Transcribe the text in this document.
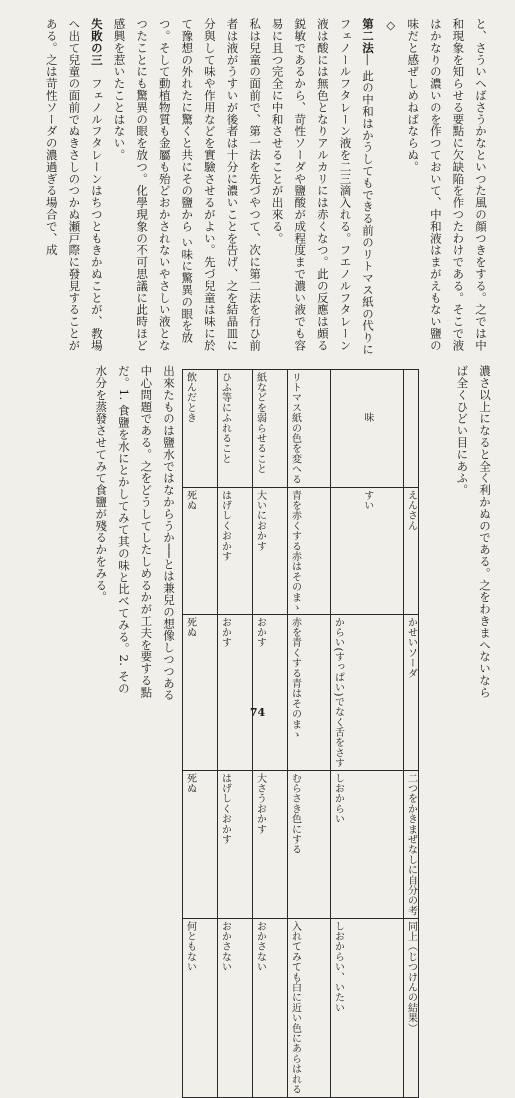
と、さういへばさうかなといつた風の顔つきをする。之では中和現象を知らせる要點に欠缺陥を作つたわけである。そこで液はかなりの濃いのを作つておいて、中和液はまがえもない鹽の味だと感ぜしめねばならぬ。

◇

第二法― 此の中和はかうしてもできる前のリトマス紙の代りにフェノールフタレーン液を二三滴入れる。フエノルフタレーン液は酸には無色となりアルカリには赤くなつ。此の反應は頗る鋭敏であるから、苛性ソーダや鹽酸が成程度まで濃い液でも容易に且つ完全に中和させることが出來る。

私は兒童の面前で、第一法を先づやつて、次に第二法を行ひ前者は液がうすいが後者は十分に濃いことを告げ、之を結晶皿に分與して味や作用などを實驗させるがよい。先づ兒童は味に於て豫想の外れたに驚くと共にその鹽から い味に驚異の眼を放つ。そして動植物質も金屬も殆どおかされないやさしい液となつたことにも驚異の眼を放つ。化學現象の不可思議に此時ほど感興を惹いたことはない。

失敗の三　フェノルフタレーンはちつともきかぬことが、教場へ出て兒童の面前でぬきさしのつかぬ瀬戸際に發見することがある。之は苛性ソーダの濃過ぎる場合で、成

濃さ以上になると全く利かぬのである。之をわきまへないならば全くひどい目にあふ。

飲んだとき	ひふ等にふれること	紙などを弱らせること	リトマス紙の色を変へる	味	

死ぬ	はげしくおかす	大いにおかす	青を赤くする赤はそのまゝ	すい	えんさん

死ぬ	おかす	おかす	赤を青くする青はそのまゝ	からい(すっぱい)でなく舌をさす	かせいソーダ

死ぬ	はげしくおかす	大さうおかす	むらさき色にする	しおからい	二つをかきまぜなしに自分の考

何ともない	おかさない	おかさない	入れてみても白に近い色にあらはれる	しおからい、いたい	同上（じつけんの結果）

出來たものは鹽水ではなからうか──とは兼兒の想像しつつある中心問題である。之をどうしてしたしめるかが工夫を要する點だ。1. 食鹽を水にとかしてみて其の味と比べてみる。2. その水分を蒸發させてみて食鹽が殘るかをみる。

74
